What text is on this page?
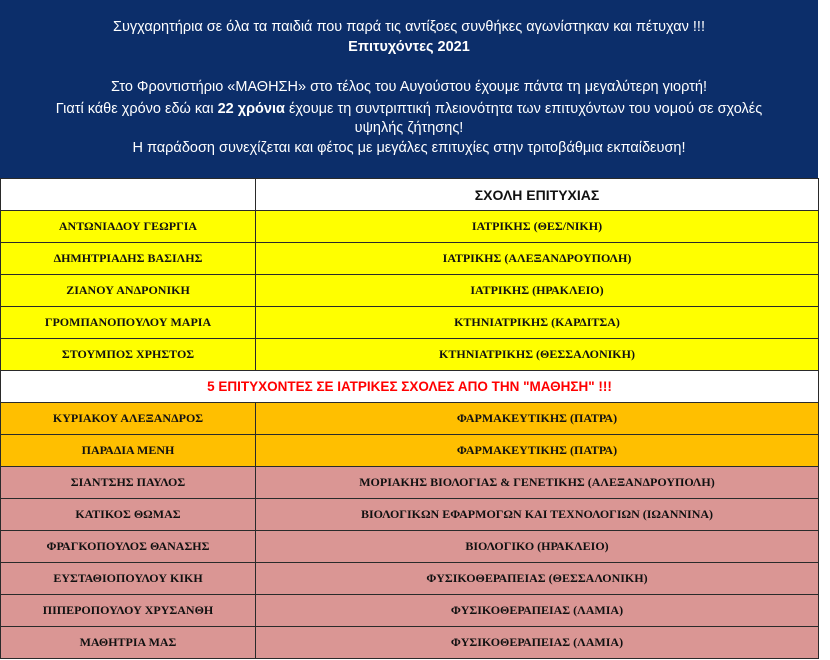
Συγχαρητήρια σε όλα τα παιδιά που παρά τις αντίξοες συνθήκες αγωνίστηκαν και πέτυχαν !!!
Επιτυχόντες 2021
Στο Φροντιστήριο «ΜΑΘΗΣΗ» στο τέλος του Αυγούστου έχουμε πάντα τη μεγαλύτερη γιορτή!
Γιατί κάθε χρόνο εδώ και 22 χρόνια έχουμε τη συντριπτική πλειονότητα των επιτυχόντων του νομού σε σχολές
υψηλής ζήτησης!
Η παράδοση συνεχίζεται και φέτος με μεγάλες επιτυχίες στην τριτοβάθμια εκπαίδευση!
	ΣΧΟΛΗ ΕΠΙΤΥΧΙΑΣ
ΑΝΤΩΝΙΑΔΟΥ ΓΕΩΡΓΙΑ	ΙΑΤΡΙΚΗΣ (ΘΕΣ/ΝΙΚΗ)
ΔΗΜΗΤΡΙΑΔΗΣ ΒΑΣΙΛΗΣ	ΙΑΤΡΙΚΗΣ (ΑΛΕΞΑΝΔΡΟΥΠΟΛΗ)
ΖΙΑΝΟΥ ΑΝΔΡΟΝΙΚΗ	ΙΑΤΡΙΚΗΣ (ΗΡΑΚΛΕΙΟ)
ΓΡΟΜΠΑΝΟΠΟΥΛΟΥ ΜΑΡΙΑ	ΚΤΗΝΙΑΤΡΙΚΗΣ (ΚΑΡΔΙΤΣΑ)
ΣΤΟΥΜΠΟΣ ΧΡΗΣΤΟΣ	ΚΤΗΝΙΑΤΡΙΚΗΣ (ΘΕΣΣΑΛΟΝΙΚΗ)
5 ΕΠΙΤΥΧΟΝΤΕΣ ΣΕ ΙΑΤΡΙΚΕΣ ΣΧΟΛΕΣ ΑΠΟ ΤΗΝ "ΜΑΘΗΣΗ" !!!	
ΚΥΡΙΑΚΟΥ ΑΛΕΞΑΝΔΡΟΣ	ΦΑΡΜΑΚΕΥΤΙΚΗΣ (ΠΑΤΡΑ)
ΠΑΡΑΔΙΑ ΜΕΝΗ	ΦΑΡΜΑΚΕΥΤΙΚΗΣ (ΠΑΤΡΑ)
ΣΙΑΝΤΣΗΣ ΠΑΥΛΟΣ	ΜΟΡΙΑΚΗΣ ΒΙΟΛΟΓΙΑΣ & ΓΕΝΕΤΙΚΗΣ (ΑΛΕΞΑΝΔΡΟΥΠΟΛΗ)
ΚΑΤΙΚΟΣ ΘΩΜΑΣ	ΒΙΟΛΟΓΙΚΩΝ ΕΦΑΡΜΟΓΩΝ ΚΑΙ ΤΕΧΝΟΛΟΓΙΩΝ (ΙΩΑΝΝΙΝΑ)
ΦΡΑΓΚΟΠΟΥΛΟΣ ΘΑΝΑΣΗΣ	ΒΙΟΛΟΓΙΚΟ (ΗΡΑΚΛΕΙΟ)
ΕΥΣΤΑΘΙΟΠΟΥΛΟΥ ΚΙΚΗ	ΦΥΣΙΚΟΘΕΡΑΠΕΙΑΣ (ΘΕΣΣΑΛΟΝΙΚΗ)
ΠΙΠΕΡΟΠΟΥΛΟΥ ΧΡΥΣΑΝΘΗ	ΦΥΣΙΚΟΘΕΡΑΠΕΙΑΣ (ΛΑΜΙΑ)
ΜΑΘΗΤΡΙΑ ΜΑΣ	ΦΥΣΙΚΟΘΕΡΑΠΕΙΑΣ (ΛΑΜΙΑ)
